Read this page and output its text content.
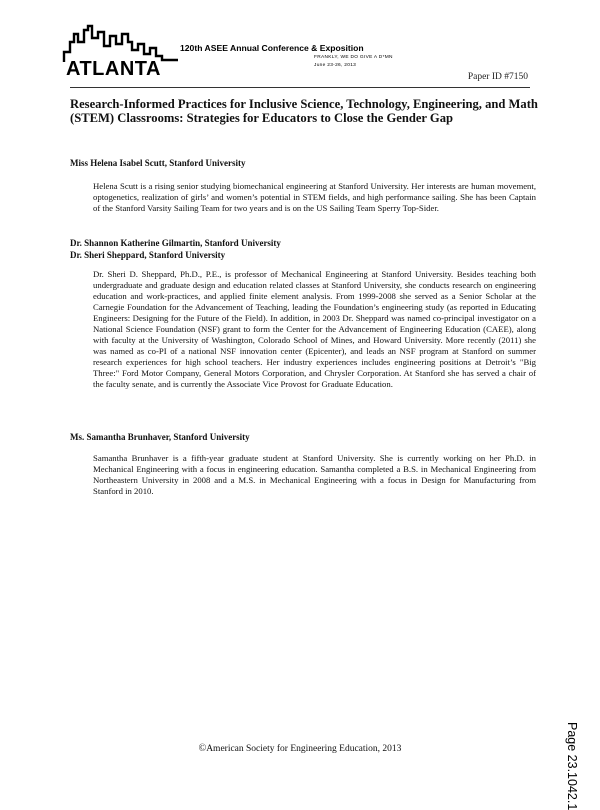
ATLANTA
120th ASEE Annual Conference & Exposition
FRANKLY, WE DO GIVE A D*MN
June 23-26, 2013
Paper ID #7150
Research-Informed Practices for Inclusive Science, Technology, Engineering, and Math (STEM) Classrooms: Strategies for Educators to Close the Gender Gap
Miss Helena Isabel Scutt, Stanford University

Helena Scutt is a rising senior studying biomechanical engineering at Stanford University. Her interests are human movement, optogenetics, realization of girls’ and women’s potential in STEM fields, and high performance sailing. She has been Captain of the Stanford Varsity Sailing Team for two years and is on the US Sailing Team Sperry Top-Sider.

Dr. Shannon Katherine Gilmartin, Stanford University
Dr. Sheri Sheppard, Stanford University

Dr. Sheri D. Sheppard, Ph.D., P.E., is professor of Mechanical Engineering at Stanford University. Besides teaching both undergraduate and graduate design and education related classes at Stanford University, she conducts research on engineering education and work-practices, and applied finite element analysis. From 1999-2008 she served as a Senior Scholar at the Carnegie Foundation for the Advancement of Teaching, leading the Foundation’s engineering study (as reported in Educating Engineers: Designing for the Future of the Field). In addition, in 2003 Dr. Sheppard was named co-principal investigator on a National Science Foundation (NSF) grant to form the Center for the Advancement of Engineering Education (CAEE), along with faculty at the University of Washington, Colorado School of Mines, and Howard University. More recently (2011) she was named as co-PI of a national NSF innovation center (Epicenter), and leads an NSF program at Stanford on summer research experiences for high school teachers. Her industry experiences includes engineering positions at Detroit’s "Big Three:" Ford Motor Company, General Motors Corporation, and Chrysler Corporation. At Stanford she has served a chair of the faculty senate, and is currently the Associate Vice Provost for Graduate Education.

Ms. Samantha Brunhaver, Stanford University

Samantha Brunhaver is a fifth-year graduate student at Stanford University. She is currently working on her Ph.D. in Mechanical Engineering with a focus in engineering education. Samantha completed a B.S. in Mechanical Engineering from Northeastern University in 2008 and a M.S. in Mechanical Engineering with a focus in Design for Manufacturing from Stanford in 2010.

©American Society for Engineering Education, 2013	Page 23.1042.1
